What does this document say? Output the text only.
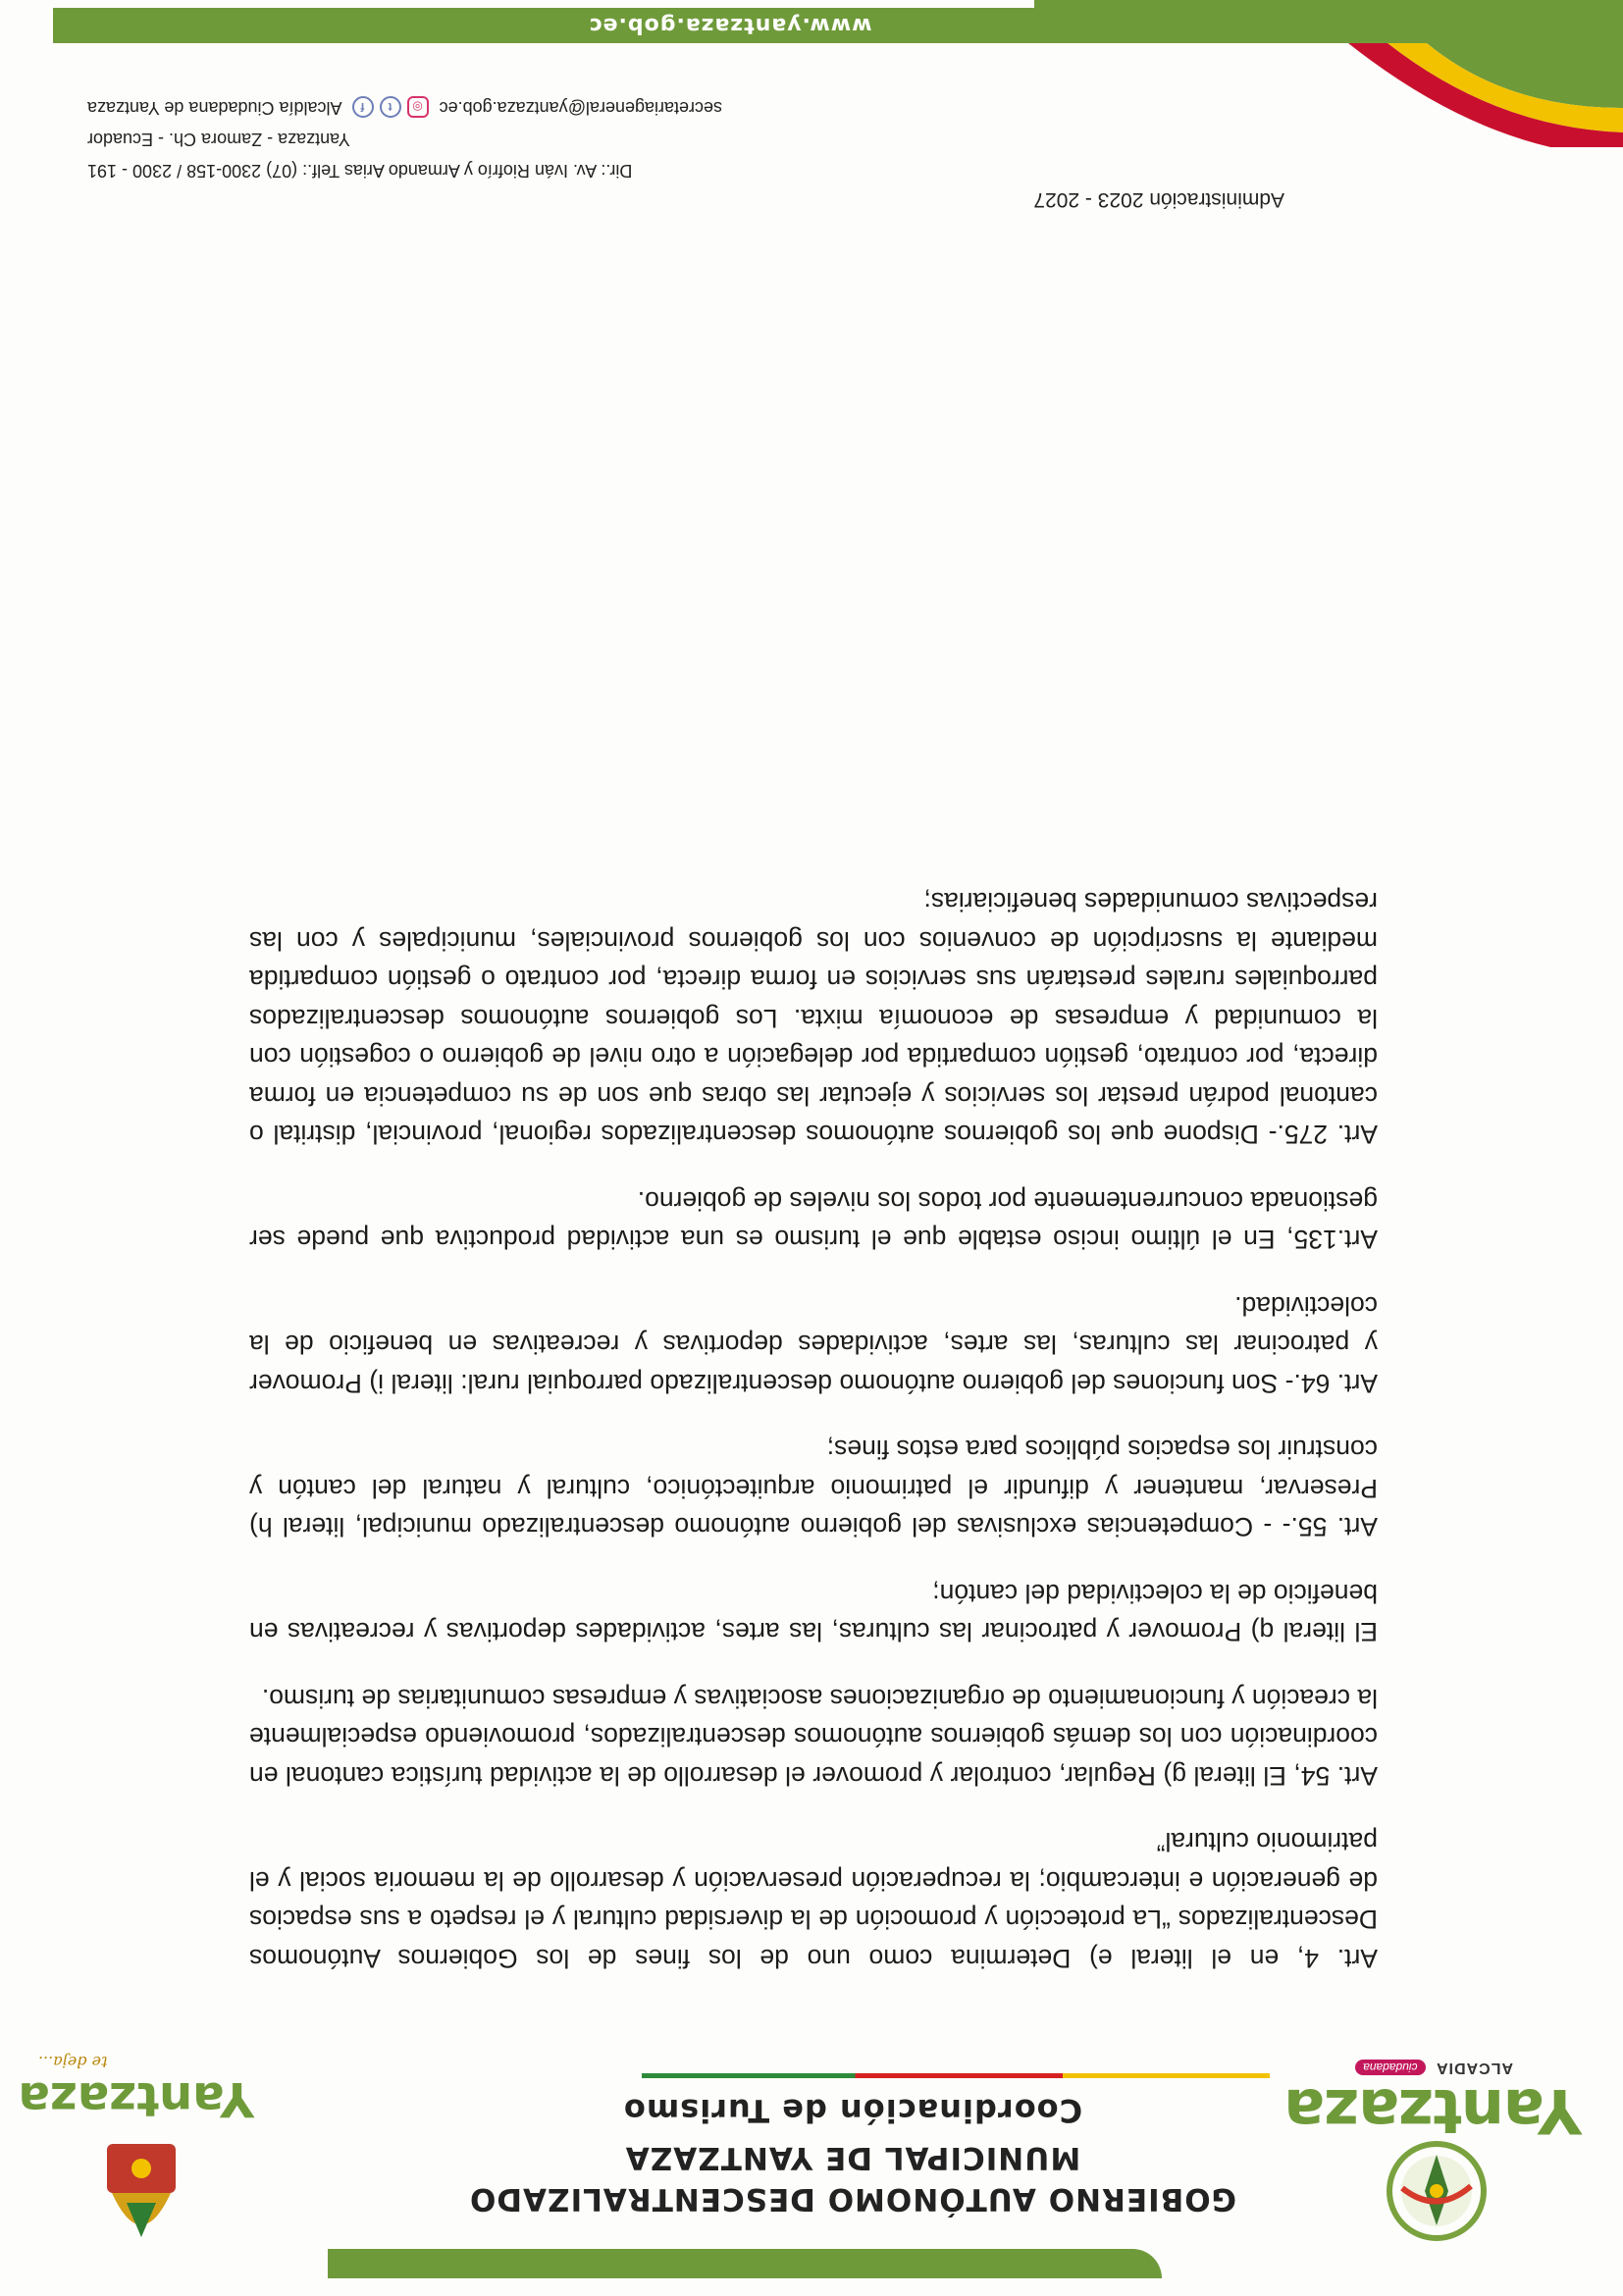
Yantzaza
ALCADIA ciudadana
GOBIERNO AUTÓNOMO DESCENTRALIZADO
MUNICIPAL DE YANTZAZA
Coordinación de Turismo
Yantzaza
te deja...

Art. 4, en el literal e) Determina como uno de los fines de los Gobiernos Autónomos Descentralizados “La protección y promoción de la diversidad cultural y el respeto a sus espacios de generación e intercambio; la recuperación preservación y desarrollo de la memoria social y el patrimonio cultural”

Art. 54, El literal g) Regular, controlar y promover el desarrollo de la actividad turística cantonal en coordinación con los demás gobiernos autónomos descentralizados, promoviendo especialmente la creación y funcionamiento de organizaciones asociativas y empresas comunitarias de turismo.

El literal q) Promover y patrocinar las culturas, las artes, actividades deportivas y recreativas en beneficio de la colectividad del cantón;

Art. 55.- - Competencias exclusivas del gobierno autónomo descentralizado municipal, literal h) Preservar, mantener y difundir el patrimonio arquitectónico, cultural y natural del cantón y construir los espacios públicos para estos fines;

Art. 64.- Son funciones del gobierno autónomo descentralizado parroquial rural: literal i) Promover y patrocinar las culturas, las artes, actividades deportivas y recreativas en beneficio de la colectividad.

Art.135, En el último inciso estable que el turismo es una actividad productiva que puede ser gestionada concurrentemente por todos los niveles de gobierno.

Art. 275.- Dispone que los gobiernos autónomos descentralizados regional, provincial, distrital o cantonal podrán prestar los servicios y ejecutar las obras que son de su competencia en forma directa, por contrato, gestión compartida por delegación a otro nivel de gobierno o cogestión con la comunidad y empresas de economía mixta. Los gobiernos autónomos descentralizados parroquiales rurales prestarán sus servicios en forma directa, por contrato o gestión compartida mediante la suscripción de convenios con los gobiernos provinciales, municipales y con las respectivas comunidades beneficiarias;

Administración 2023 - 2027
Dir.: Av. Iván Riofrío y Armando Arias Telf.: (07) 2300-158 / 2300 - 191
Yantzaza - Zamora Ch. - Ecuador
secretariageneral@yantzaza.gob.ec
◎
t
f
Alcaldía Ciudadana de Yantzaza
www.yantzaza.gob.ec
